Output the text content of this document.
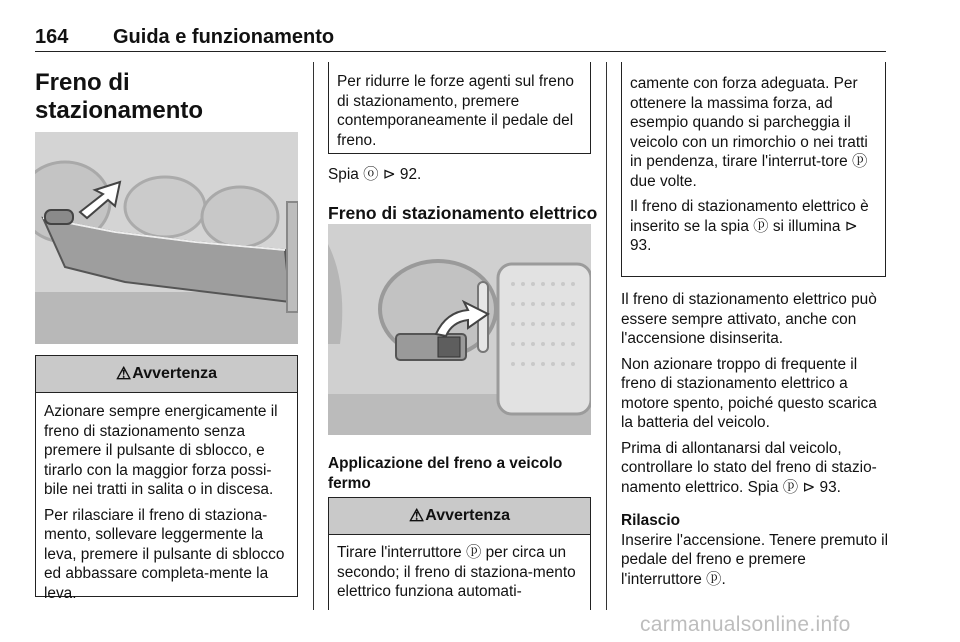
164 Guida e funzionamento
Freno di stazionamento
⚠ Avvertenza

Azionare sempre energicamente il freno di stazionamento senza premere il pulsante di sblocco, e tirarlo con la maggior forza possi-bile nei tratti in salita o in discesa.

Per rilasciare il freno di staziona-mento, sollevare leggermente la leva, premere il pulsante di sblocco ed abbassare completa-mente la leva.

Per ridurre le forze agenti sul freno di stazionamento, premere contemporaneamente il pedale del freno.
Spia ⓞ ⊳ 92.
Freno di stazionamento elettrico
Applicazione del freno a veicolo fermo
⚠ Avvertenza

Tirare l'interruttore ⓟ per circa un secondo; il freno di staziona-mento elettrico funziona automati-

camente con forza adeguata. Per ottenere la massima forza, ad esempio quando si parcheggia il veicolo con un rimorchio o nei tratti in pendenza, tirare l'interrut-tore ⓟ due volte.

Il freno di stazionamento elettrico è inserito se la spia ⓟ si illumina ⊳ 93.

Il freno di stazionamento elettrico può essere sempre attivato, anche con l'accensione disinserita.

Non azionare troppo di frequente il freno di stazionamento elettrico a motore spento, poiché questo scarica la batteria del veicolo.

Prima di allontanarsi dal veicolo, controllare lo stato del freno di stazio-namento elettrico. Spia ⓟ ⊳ 93.

Rilascio

Inserire l'accensione. Tenere premuto il pedale del freno e premere l'interruttore ⓟ.

carmanualsonline.info
